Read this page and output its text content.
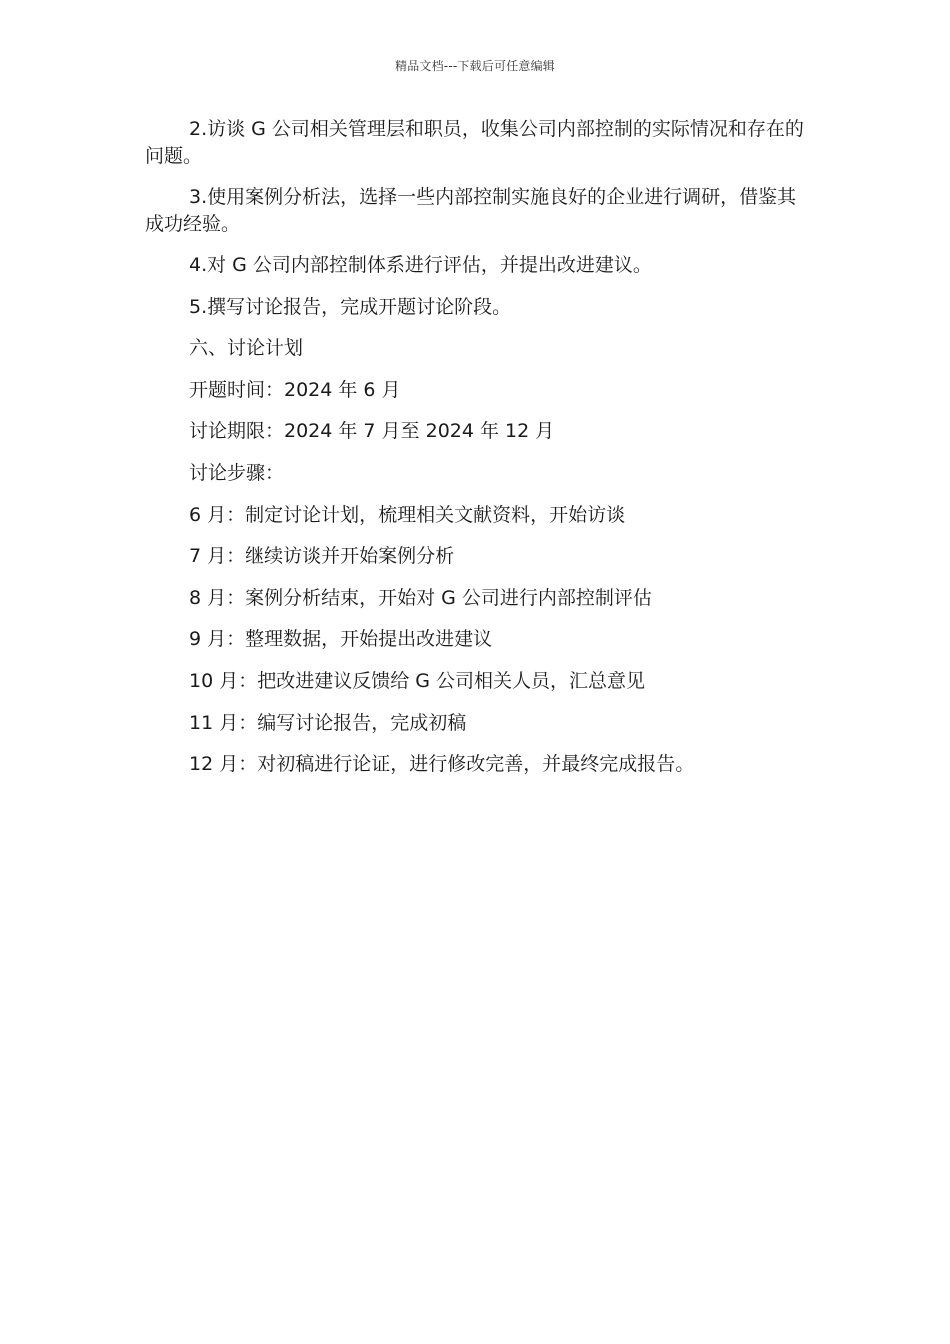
精品文档---下载后可任意编辑

2.访谈 G 公司相关管理层和职员，收集公司内部控制的实际情况和存在的问题。

3.使用案例分析法，选择一些内部控制实施良好的企业进行调研，借鉴其成功经验。

4.对 G 公司内部控制体系进行评估，并提出改进建议。
5.撰写讨论报告，完成开题讨论阶段。
六、讨论计划
开题时间：2024 年 6 月
讨论期限：2024 年 7 月至 2024 年 12 月
讨论步骤：
6 月：制定讨论计划，梳理相关文献资料，开始访谈
7 月：继续访谈并开始案例分析
8 月：案例分析结束，开始对 G 公司进行内部控制评估
9 月：整理数据，开始提出改进建议
10 月：把改进建议反馈给 G 公司相关人员，汇总意见
11 月：编写讨论报告，完成初稿
12 月：对初稿进行论证，进行修改完善，并最终完成报告。
